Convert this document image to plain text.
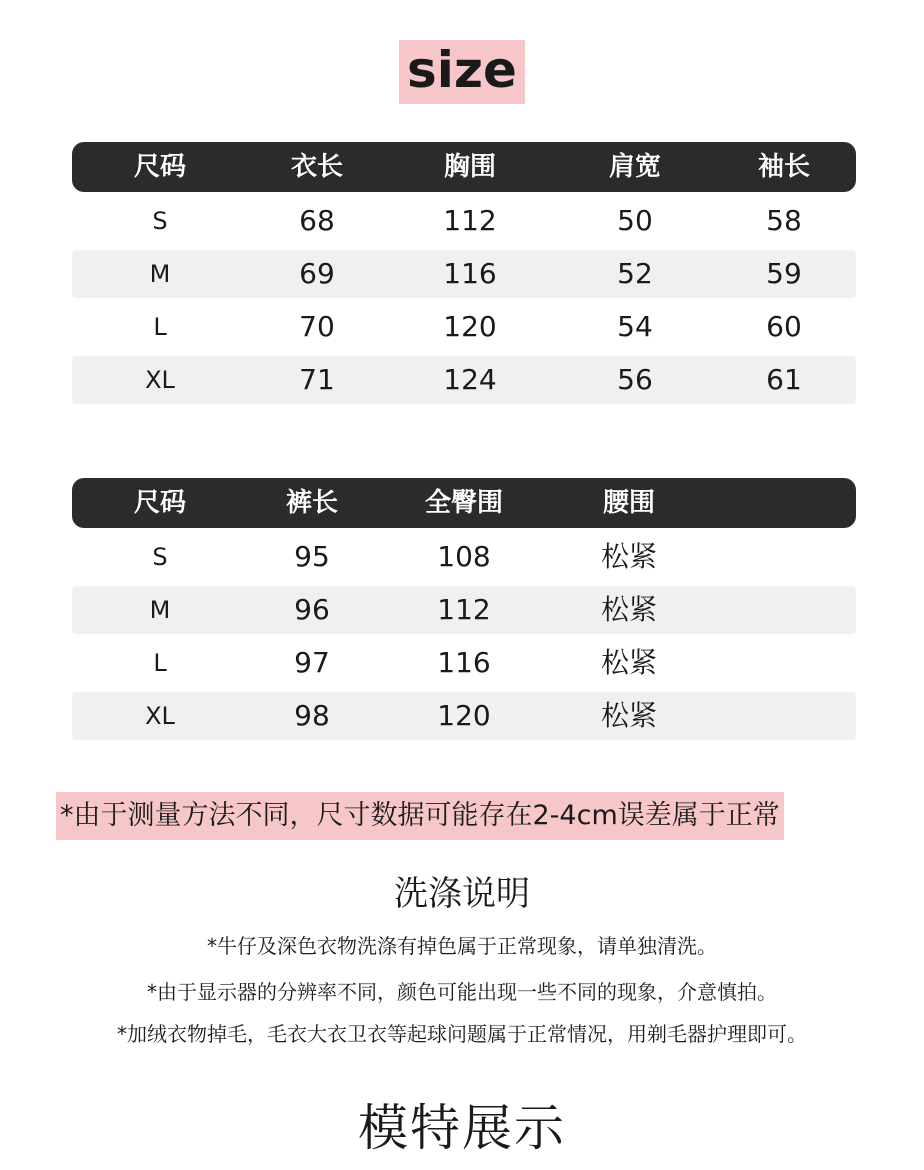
size
尺码	衣长	胸围	肩宽	袖长
S	68	112	50	58
M	69	116	52	59
L	70	120	54	60
XL	71	124	56	61
尺码	裤长	全臀围	腰围
S	95	108	松紧
M	96	112	松紧
L	97	116	松紧
XL	98	120	松紧
*由于测量方法不同，尺寸数据可能存在2-4cm误差属于正常
洗涤说明
*牛仔及深色衣物洗涤有掉色属于正常现象，请单独清洗。
*由于显示器的分辨率不同，颜色可能出现一些不同的现象，介意慎拍。
*加绒衣物掉毛，毛衣大衣卫衣等起球问题属于正常情况，用剃毛器护理即可。
模特展示
